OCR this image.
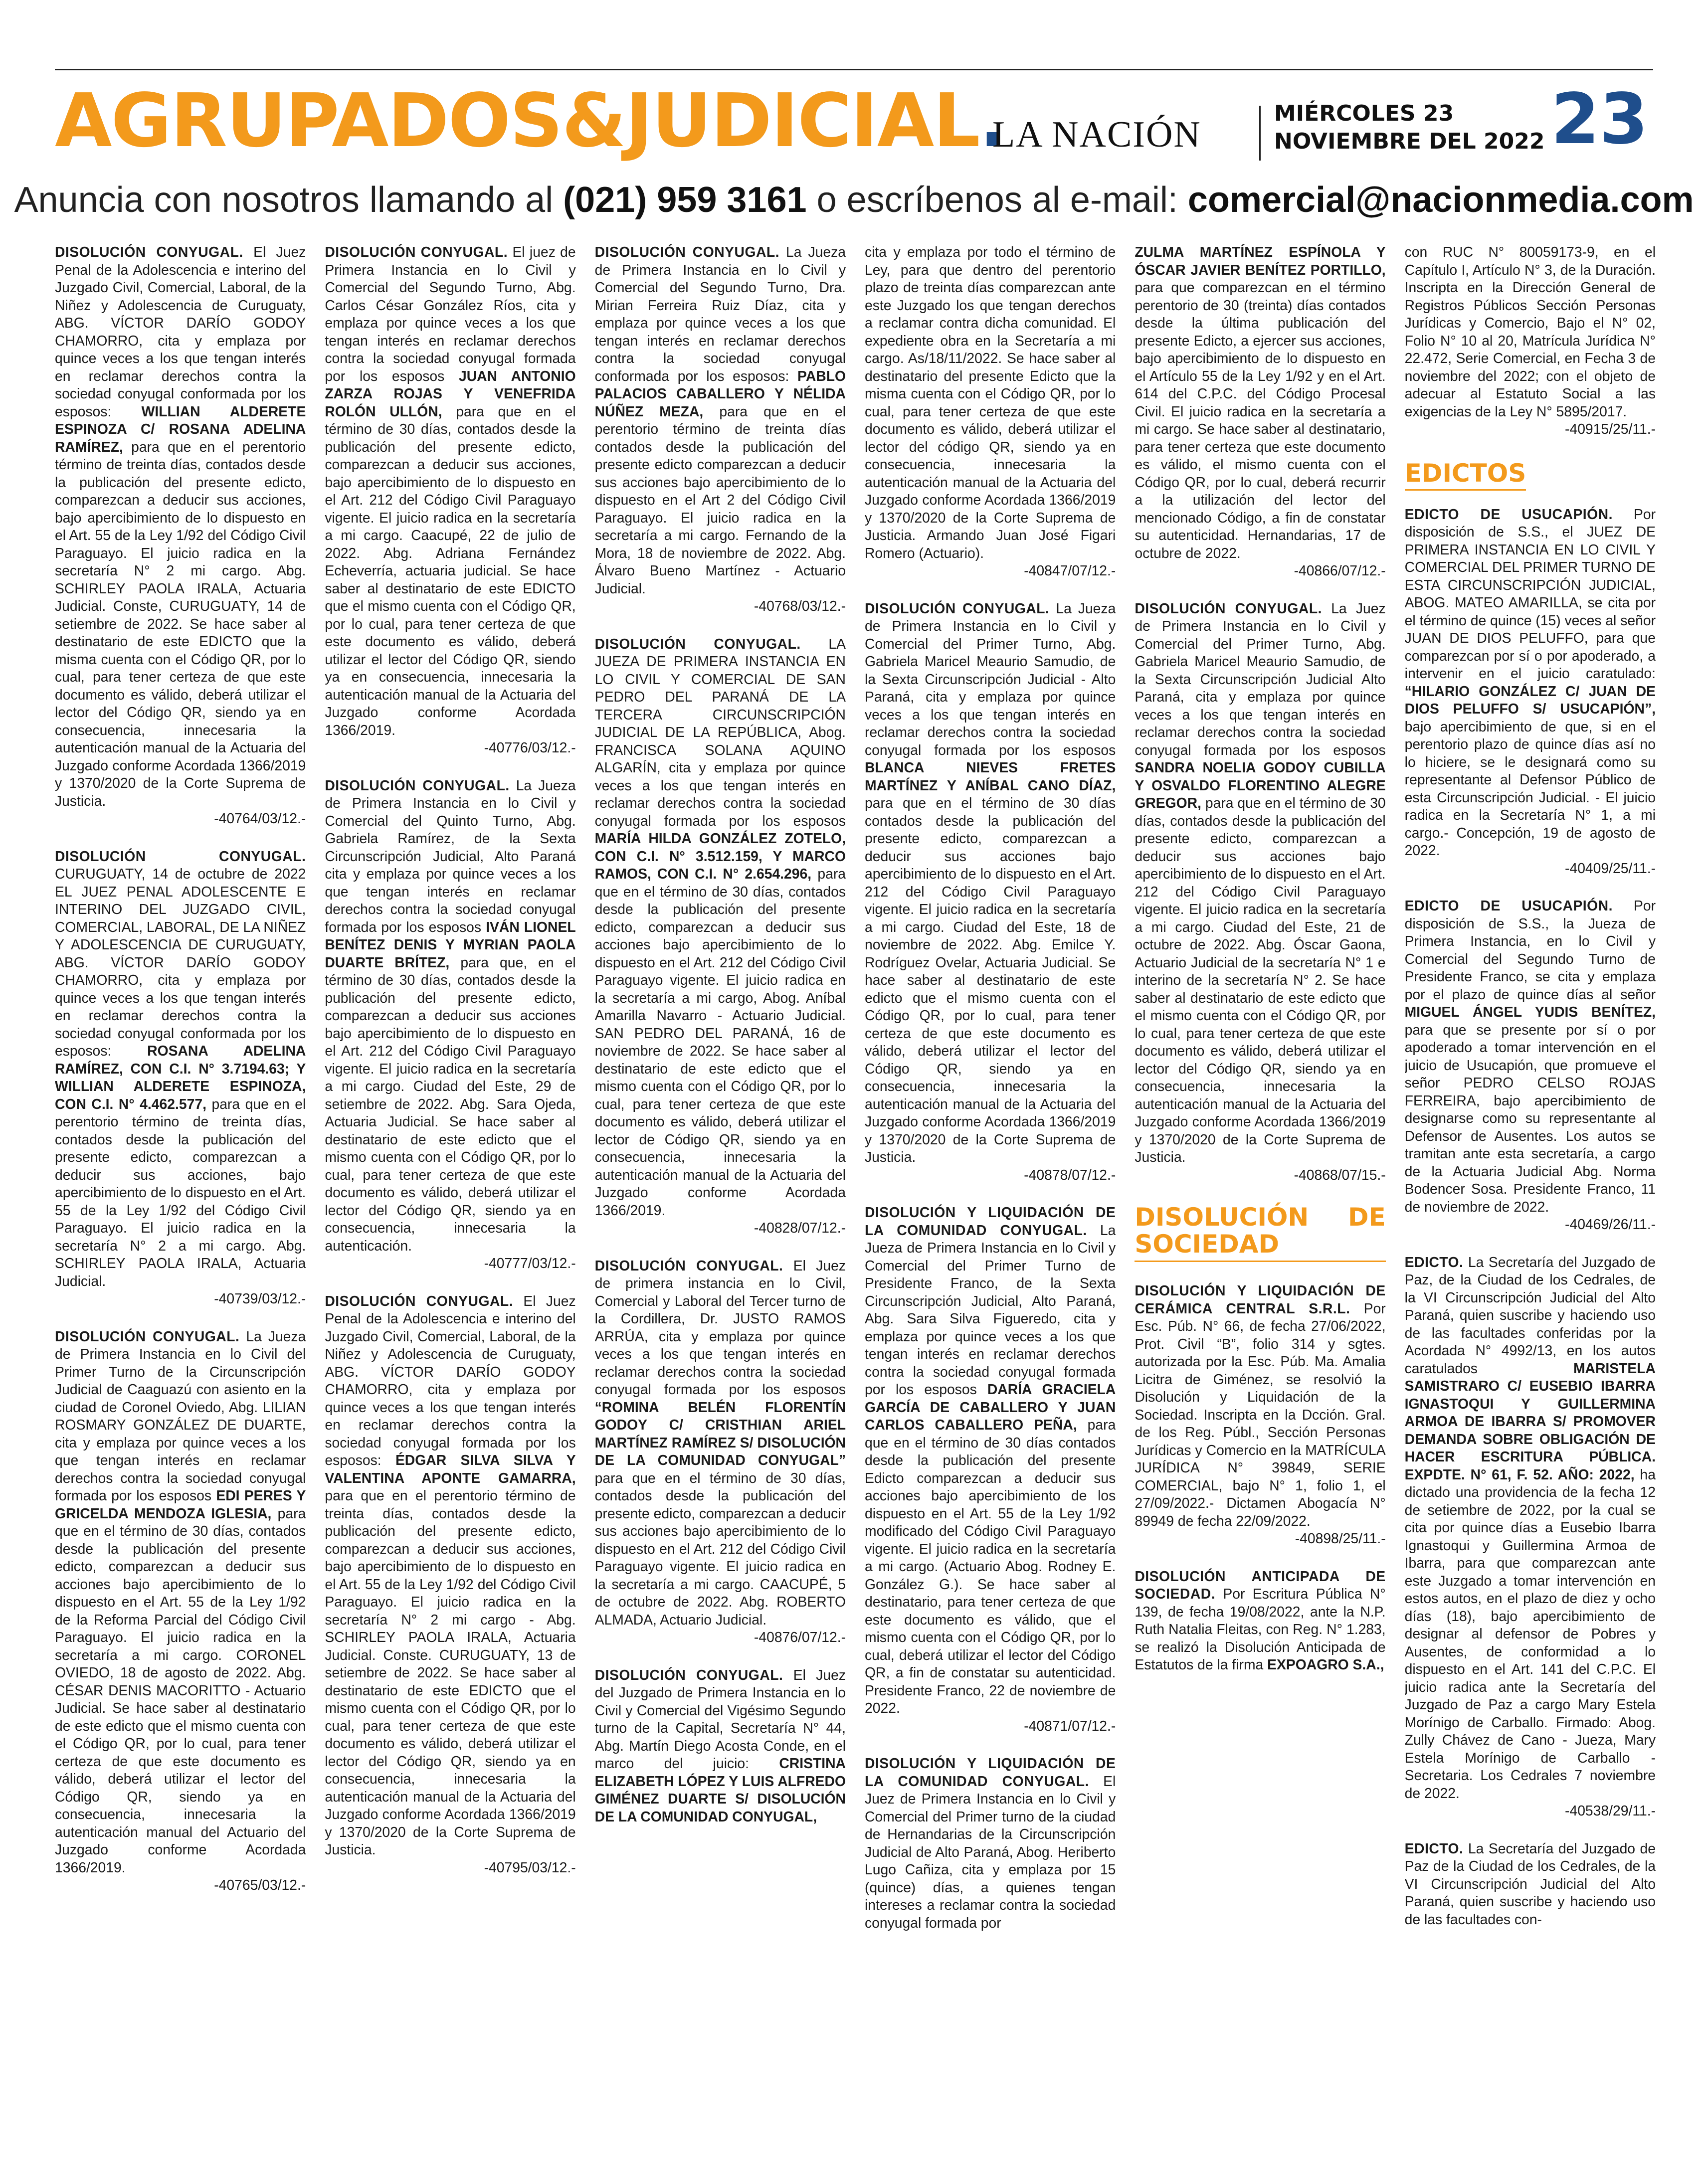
AGRUPADOS&JUDICIAL.
LA NACIÓN
MIÉRCOLES 23
NOVIEMBRE DEL 2022 23
Anuncia con nosotros llamando al (021) 959 3161 o escríbenos al e-mail: comercial@nacionmedia.com

DISOLUCIÓN CONYUGAL. El Juez Penal de la Adolescencia e interino del Juzgado Civil, Comercial, Laboral, de la Niñez y Adolescencia de Curuguaty, ABG. VÍCTOR DARÍO GODOY CHAMORRO, cita y emplaza por quince veces a los que tengan interés en reclamar derechos contra la sociedad conyugal conformada por los esposos: WILLIAN ALDERETE ESPINOZA C/ ROSANA ADELINA RAMÍREZ, para que en el perentorio término de treinta días, contados desde la publicación del presente edicto, comparezcan a deducir sus acciones, bajo apercibimiento de lo dispuesto en el Art. 55 de la Ley 1/92 del Código Civil Paraguayo. El juicio radica en la secretaría N° 2 mi cargo. Abg. SCHIRLEY PAOLA IRALA, Actuaria Judicial. Conste, CURUGUATY, 14 de setiembre de 2022. Se hace saber al destinatario de este EDICTO que la misma cuenta con el Código QR, por lo cual, para tener certeza de que este documento es válido, deberá utilizar el lector del Código QR, siendo ya en consecuencia, innecesaria la autenticación manual de la Actuaria del Juzgado conforme Acordada 1366/2019 y 1370/2020 de la Corte Suprema de Justicia.
-40764/03/12.-

DISOLUCIÓN CONYUGAL. CURUGUATY, 14 de octubre de 2022 EL JUEZ PENAL ADOLESCENTE E INTERINO DEL JUZGADO CIVIL, COMERCIAL, LABORAL, DE LA NIÑEZ Y ADOLESCENCIA DE CURUGUATY, ABG. VÍCTOR DARÍO GODOY CHAMORRO, cita y emplaza por quince veces a los que tengan interés en reclamar derechos contra la sociedad conyugal conformada por los esposos:	ROSANA ADELINA RAMÍREZ, CON C.I. N° 3.7194.63; Y WILLIAN ALDERETE ESPINOZA, CON C.I. N° 4.462.577, para que en el perentorio término de treinta días, contados desde la publicación del presente edicto, comparezcan a deducir sus acciones, bajo apercibimiento de lo dispuesto en el Art. 55 de la Ley 1/92 del Código Civil Paraguayo. El juicio radica en la secretaría N° 2 a mi cargo. Abg. SCHIRLEY PAOLA IRALA, Actuaria Judicial.
-40739/03/12.-

DISOLUCIÓN CONYUGAL. La Jueza de Primera Instancia en lo Civil del Primer Turno de la Circunscripción Judicial de Caaguazú con asiento en la ciudad de Coronel Oviedo, Abg. LILIAN ROSMARY GONZÁLEZ DE DUARTE, cita y emplaza por quince veces a los que tengan interés en reclamar derechos contra la sociedad conyugal formada por los esposos EDI PERES Y GRICELDA MENDOZA IGLESIA, para que en el término de 30 días, contados desde la publicación del presente edicto, comparezcan a deducir sus acciones bajo apercibimiento de lo dispuesto en el Art. 55 de la Ley 1/92 de la Reforma Parcial del Código Civil Paraguayo. El juicio radica en la secretaría a mi cargo. CORONEL OVIEDO, 18 de agosto de 2022. Abg. CÉSAR DENIS MACORITTO - Actuario Judicial. Se hace saber al destinatario de este edicto que el mismo cuenta con el Código QR, por lo cual, para tener certeza de que este documento es válido, deberá utilizar el lector del Código QR, siendo ya en consecuencia, innecesaria la autenticación manual del Actuario del Juzgado conforme Acordada 1366/2019.
-40765/03/12.-

DISOLUCIÓN CONYUGAL. El juez de Primera Instancia en lo Civil y Comercial del Segundo Turno, Abg. Carlos César González Ríos, cita y emplaza por quince veces a los que tengan interés en reclamar derechos contra la sociedad conyugal formada por los esposos JUAN ANTONIO ZARZA ROJAS Y VENEFRIDA ROLÓN ULLÓN, para que en el término de 30 días, contados desde la publicación del presente edicto, comparezcan a deducir sus acciones, bajo apercibimiento de lo dispuesto en el Art. 212 del Código Civil Paraguayo vigente. El juicio radica en la secretaría a mi cargo. Caacupé, 22 de julio de 2022. Abg. Adriana Fernández Echeverría, actuaria judicial. Se hace saber al destinatario de este EDICTO que el mismo cuenta con el Código QR, por lo cual, para tener certeza de que este documento es válido, deberá utilizar el lector del Código QR, siendo ya en consecuencia, innecesaria la autenticación manual de la Actuaria del Juzgado conforme Acordada 1366/2019.
-40776/03/12.-

DISOLUCIÓN CONYUGAL. La Jueza de Primera Instancia en lo Civil y Comercial del Quinto Turno, Abg. Gabriela Ramírez, de la Sexta Circunscripción Judicial, Alto Paraná cita y emplaza por quince veces a los que tengan interés en reclamar derechos contra la sociedad conyugal formada por los esposos IVÁN LIONEL BENÍTEZ DENIS Y MYRIAN PAOLA DUARTE BRÍTEZ, para que, en el término de 30 días, contados desde la publicación del presente edicto, comparezcan a deducir sus acciones bajo apercibimiento de lo dispuesto en el Art. 212 del Código Civil Paraguayo vigente. El juicio radica en la secretaría a mi cargo. Ciudad del Este, 29 de setiembre de 2022. Abg. Sara Ojeda, Actuaria Judicial. Se hace saber al destinatario de este edicto que el mismo cuenta con el Código QR, por lo cual, para tener certeza de que este documento es válido, deberá utilizar el lector del Código QR, siendo ya en consecuencia, innecesaria la autenticación.
-40777/03/12.-

DISOLUCIÓN CONYUGAL. El Juez Penal de la Adolescencia e interino del Juzgado Civil, Comercial, Laboral, de la Niñez y Adolescencia de Curuguaty, ABG. VÍCTOR DARÍO GODOY CHAMORRO, cita y emplaza por quince veces a los que tengan interés en reclamar derechos contra la sociedad conyugal formada por los esposos: ÉDGAR SILVA SILVA Y VALENTINA APONTE GAMARRA, para que en el perentorio término de treinta días, contados desde la publicación del presente edicto, comparezcan a deducir sus acciones, bajo apercibimiento de lo dispuesto en el Art. 55 de la Ley 1/92 del Código Civil Paraguayo. El juicio radica en la secretaría N° 2 mi cargo - Abg. SCHIRLEY PAOLA IRALA, Actuaria Judicial. Conste. CURUGUATY, 13 de setiembre de 2022. Se hace saber al destinatario de este EDICTO que el mismo cuenta con el Código QR, por lo cual, para tener certeza de que este documento es válido, deberá utilizar el lector del Código QR, siendo ya en consecuencia, innecesaria la autenticación manual de la Actuaria del Juzgado conforme Acordada 1366/2019 y 1370/2020 de la Corte Suprema de Justicia.
-40795/03/12.-

DISOLUCIÓN CONYUGAL. La Jueza de Primera Instancia en lo Civil y Comercial del Segundo Turno, Dra. Mirian Ferreira Ruiz Díaz, cita y emplaza por quince veces a los que tengan interés en reclamar derechos contra la sociedad conyugal conformada por los esposos: PABLO PALACIOS CABALLERO Y NÉLIDA NÚÑEZ MEZA, para que en el perentorio término de treinta días contados desde la publicación del presente edicto comparezcan a deducir sus acciones bajo apercibimiento de lo dispuesto en el Art 2 del Código Civil Paraguayo. El juicio radica en la secretaría a mi cargo. Fernando de la Mora, 18 de noviembre de 2022. Abg. Álvaro Bueno Martínez - Actuario Judicial.
-40768/03/12.-

DISOLUCIÓN CONYUGAL. LA JUEZA DE PRIMERA INSTANCIA EN LO CIVIL Y COMERCIAL DE SAN PEDRO DEL PARANÁ DE LA TERCERA CIRCUNSCRIPCIÓN JUDICIAL DE LA REPÚBLICA, Abog. FRANCISCA SOLANA AQUINO ALGARÍN, cita y emplaza por quince veces a los que tengan interés en reclamar derechos contra la sociedad conyugal formada por los esposos MARÍA HILDA GONZÁLEZ ZOTELO, CON C.I. N° 3.512.159, Y MARCO RAMOS, CON C.I. N° 2.654.296, para que en el término de 30 días, contados desde la publicación del presente edicto, comparezcan a deducir sus acciones bajo apercibimiento de lo dispuesto en el Art. 212 del Código Civil Paraguayo vigente. El juicio radica en la secretaría a mi cargo, Abog. Aníbal Amarilla Navarro - Actuario Judicial. SAN PEDRO DEL PARANÁ, 16 de noviembre de 2022. Se hace saber al destinatario de este edicto que el mismo cuenta con el Código QR, por lo cual, para tener certeza de que este documento es válido, deberá utilizar el lector de Código QR, siendo ya en consecuencia, innecesaria la autenticación manual de la Actuaria del Juzgado conforme Acordada 1366/2019.
-40828/07/12.-

DISOLUCIÓN CONYUGAL. El Juez de primera instancia en lo Civil, Comercial y Laboral del Tercer turno de la Cordillera, Dr. JUSTO RAMOS ARRÚA, cita y emplaza por quince veces a los que tengan interés en reclamar derechos contra la sociedad conyugal formada por los esposos “ROMINA BELÉN FLORENTÍN GODOY C/ CRISTHIAN ARIEL MARTÍNEZ RAMÍREZ S/ DISOLUCIÓN DE LA COMUNIDAD CONYUGAL” para que en el término de 30 días, contados desde la publicación del presente edicto, comparezcan a deducir sus acciones bajo apercibimiento de lo dispuesto en el Art. 212 del Código Civil Paraguayo vigente. El juicio radica en la secretaría a mi cargo. CAACUPÉ, 5 de octubre de 2022. Abg. ROBERTO ALMADA, Actuario Judicial.
-40876/07/12.-

DISOLUCIÓN CONYUGAL. El Juez del Juzgado de Primera Instancia en lo Civil y Comercial del Vigésimo Segundo turno de la Capital, Secretaría N° 44, Abg. Martín Diego Acosta Conde, en el marco del juicio: CRISTINA ELIZABETH LÓPEZ Y LUIS ALFREDO GIMÉNEZ DUARTE S/ DISOLUCIÓN DE LA COMUNIDAD CONYUGAL,

cita y emplaza por todo el término de Ley, para que dentro del perentorio plazo de treinta días comparezcan ante este Juzgado los que tengan derechos a reclamar contra dicha comunidad. El expediente obra en la Secretaría a mi cargo. As/18/11/2022. Se hace saber al destinatario del presente Edicto que la misma cuenta con el Código QR, por lo cual, para tener certeza de que este documento es válido, deberá utilizar el lector del código QR, siendo ya en consecuencia, innecesaria la autenticación manual de la Actuaria del Juzgado conforme Acordada 1366/2019 y 1370/2020 de la Corte Suprema de Justicia. Armando Juan José Figari Romero (Actuario).
-40847/07/12.-

DISOLUCIÓN CONYUGAL. La Jueza de Primera Instancia en lo Civil y Comercial del Primer Turno, Abg. Gabriela Maricel Meaurio Samudio, de la Sexta Circunscripción Judicial - Alto Paraná, cita y emplaza por quince veces a los que tengan interés en reclamar derechos contra la sociedad conyugal formada por los esposos BLANCA NIEVES FRETES MARTÍNEZ Y ANÍBAL CANO DÍAZ, para que en el término de 30 días contados desde la publicación del presente edicto, comparezcan a deducir sus acciones bajo apercibimiento de lo dispuesto en el Art. 212 del Código Civil Paraguayo vigente. El juicio radica en la secretaría a mi cargo. Ciudad del Este, 18 de noviembre de 2022. Abg. Emilce Y. Rodríguez Ovelar, Actuaria Judicial. Se hace saber al destinatario de este edicto que el mismo cuenta con el Código QR, por lo cual, para tener certeza de que este documento es válido, deberá utilizar el lector del Código QR, siendo ya en consecuencia, innecesaria la autenticación manual de la Actuaria del Juzgado conforme Acordada 1366/2019 y 1370/2020 de la Corte Suprema de Justicia.
-40878/07/12.-

DISOLUCIÓN Y LIQUIDACIÓN DE LA COMUNIDAD CONYUGAL. La Jueza de Primera Instancia en lo Civil y Comercial del Primer Turno de Presidente Franco, de la Sexta Circunscripción Judicial, Alto Paraná, Abg. Sara Silva Figueredo, cita y emplaza por quince veces a los que tengan interés en reclamar derechos contra la sociedad conyugal formada por los esposos DARÍA GRACIELA GARCÍA DE CABALLERO Y JUAN CARLOS CABALLERO PEÑA, para que en el término de 30 días contados desde la publicación del presente Edicto comparezcan a deducir sus acciones bajo apercibimiento de los dispuesto en el Art. 55 de la Ley 1/92 modificado del Código Civil Paraguayo vigente. El juicio radica en la secretaría a mi cargo. (Actuario Abog. Rodney E. González G.). Se hace saber al destinatario, para tener certeza de que este documento es válido, que el mismo cuenta con el Código QR, por lo cual, deberá utilizar el lector del Código QR, a fin de constatar su autenticidad. Presidente Franco, 22 de noviembre de 2022.
-40871/07/12.-

DISOLUCIÓN Y LIQUIDACIÓN DE LA COMUNIDAD CONYUGAL. El Juez de Primera Instancia en lo Civil y Comercial del Primer turno de la ciudad de Hernandarias de la Circunscripción Judicial de Alto Paraná, Abog. Heriberto Lugo Cañiza, cita y emplaza por 15 (quince) días, a quienes tengan intereses a reclamar contra la sociedad conyugal formada por

ZULMA MARTÍNEZ ESPÍNOLA Y ÓSCAR JAVIER BENÍTEZ PORTILLO, para que comparezcan en el término perentorio de 30 (treinta) días contados desde la última publicación del presente Edicto, a ejercer sus acciones, bajo apercibimiento de lo dispuesto en el Artículo 55 de la Ley 1/92 y en el Art. 614 del C.P.C. del Código Procesal Civil. El juicio radica en la secretaría a mi cargo. Se hace saber al destinatario, para tener certeza que este documento es válido, el mismo cuenta con el Código QR, por lo cual, deberá recurrir a la utilización del lector del mencionado Código, a fin de constatar su autenticidad. Hernandarias, 17 de octubre de 2022.
-40866/07/12.-

DISOLUCIÓN CONYUGAL. La Juez de Primera Instancia en lo Civil y Comercial del Primer Turno, Abg. Gabriela Maricel Meaurio Samudio, de la Sexta Circunscripción Judicial Alto Paraná, cita y emplaza por quince veces a los que tengan interés en reclamar derechos contra la sociedad conyugal formada por los esposos SANDRA NOELIA GODOY CUBILLA Y OSVALDO FLORENTINO ALEGRE GREGOR, para que en el término de 30 días, contados desde la publicación del presente edicto, comparezcan a deducir sus acciones bajo apercibimiento de lo dispuesto en el Art. 212 del Código Civil Paraguayo vigente. El juicio radica en la secretaría a mi cargo. Ciudad del Este, 21 de octubre de 2022. Abg. Óscar Gaona, Actuario Judicial de la secretaría N° 1 e interino de la secretaría N° 2. Se hace saber al destinatario de este edicto que el mismo cuenta con el Código QR, por lo cual, para tener certeza de que este documento es válido, deberá utilizar el lector del Código QR, siendo ya en consecuencia, innecesaria la autenticación manual de la Actuaria del Juzgado conforme Acordada 1366/2019 y 1370/2020 de la Corte Suprema de Justicia.
-40868/07/15.-

DISOLUCIÓN DE SOCIEDAD

DISOLUCIÓN Y LIQUIDACIÓN DE CERÁMICA CENTRAL S.R.L. Por Esc. Púb. N° 66, de fecha 27/06/2022, Prot. Civil “B”, folio 314 y sgtes. autorizada por la Esc. Púb. Ma. Amalia Licitra de Giménez, se resolvió la Disolución y Liquidación de la Sociedad. Inscripta en la Dcción. Gral. de los Reg. Públ., Sección Personas Jurídicas y Comercio en la MATRÍCULA JURÍDICA N° 39849, SERIE COMERCIAL, bajo N° 1, folio 1, el 27/09/2022.- Dictamen Abogacía N° 89949 de fecha 22/09/2022.
-40898/25/11.-

DISOLUCIÓN ANTICIPADA DE SOCIEDAD. Por Escritura Pública N° 139, de fecha 19/08/2022, ante la N.P. Ruth Natalia Fleitas, con Reg. N° 1.283, se realizó la Disolución Anticipada de Estatutos de la firma EXPOAGRO S.A.,

con RUC N° 80059173-9, en el Capítulo I, Artículo N° 3, de la Duración. Inscripta en la Dirección General de Registros Públicos Sección Personas Jurídicas y Comercio, Bajo el N° 02, Folio N° 10 al 20, Matrícula Jurídica N° 22.472, Serie Comercial, en Fecha 3 de noviembre del 2022; con el objeto de adecuar al Estatuto Social a las exigencias de la Ley N° 5895/2017.
-40915/25/11.-

EDICTOS

EDICTO DE USUCAPIÓN. Por disposición de S.S., el JUEZ DE PRIMERA INSTANCIA EN LO CIVIL Y COMERCIAL DEL PRIMER TURNO DE ESTA CIRCUNSCRIPCIÓN JUDICIAL, ABOG. MATEO AMARILLA, se cita por el término de quince (15) veces al señor JUAN DE DIOS PELUFFO, para que comparezcan por sí o por apoderado, a intervenir en el juicio caratulado: “HILARIO GONZÁLEZ C/ JUAN DE DIOS PELUFFO S/ USUCAPIÓN”, bajo apercibimiento de que, si en el perentorio plazo de quince días así no lo hiciere, se le designará como su representante al Defensor Público de esta Circunscripción Judicial. - El juicio radica en la Secretaría N° 1, a mi cargo.- Concepción, 19 de agosto de 2022.
-40409/25/11.-

EDICTO DE USUCAPIÓN. Por disposición de S.S., la Jueza de Primera Instancia, en lo Civil y Comercial del Segundo Turno de Presidente Franco, se cita y emplaza por el plazo de quince días al señor MIGUEL ÁNGEL YUDIS BENÍTEZ, para que se presente por sí o por apoderado a tomar intervención en el juicio de Usucapión, que promueve el señor PEDRO CELSO ROJAS FERREIRA, bajo apercibimiento de designarse como su representante al Defensor de Ausentes. Los autos se tramitan ante esta secretaría, a cargo de la Actuaria Judicial Abg. Norma Bodencer Sosa. Presidente Franco, 11 de noviembre de 2022.
-40469/26/11.-

EDICTO. La Secretaría del Juzgado de Paz, de la Ciudad de los Cedrales, de la VI Circunscripción Judicial del Alto Paraná, quien suscribe y haciendo uso de las facultades conferidas por la Acordada N° 4992/13, en los autos caratulados	MARISTELA SAMISTRARO C/ EUSEBIO IBARRA IGNASTOQUI Y GUILLERMINA ARMOA DE IBARRA S/ PROMOVER DEMANDA SOBRE OBLIGACIÓN DE HACER ESCRITURA PÚBLICA. EXPDTE. N° 61, F. 52. AÑO: 2022, ha dictado una providencia de la fecha 12 de setiembre de 2022, por la cual se cita por quince días a Eusebio Ibarra Ignastoqui y Guillermina Armoa de Ibarra, para que comparezcan ante este Juzgado a tomar intervención en estos autos, en el plazo de diez y ocho días (18), bajo apercibimiento de designar al defensor de Pobres y Ausentes, de conformidad a lo dispuesto en el Art. 141 del C.P.C. El juicio radica ante la Secretaría del Juzgado de Paz a cargo Mary Estela Morínigo de Carballo. Firmado: Abog. Zully Chávez de Cano - Jueza, Mary Estela Morínigo de Carballo - Secretaria. Los Cedrales 7 noviembre de 2022.
-40538/29/11.-

EDICTO. La Secretaría del Juzgado de Paz de la Ciudad de los Cedrales, de la VI Circunscripción Judicial del Alto Paraná, quien suscribe y haciendo uso de las facultades con-
